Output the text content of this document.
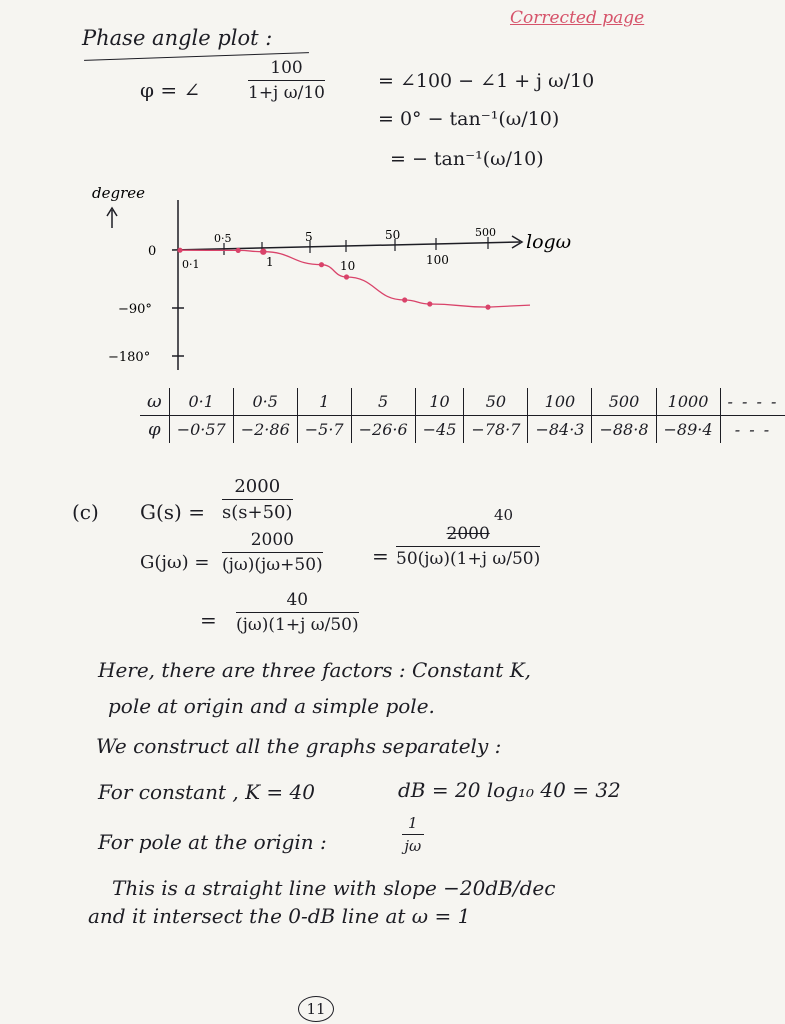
Corrected page
Phase angle plot :
φ = ∠	$\frac{100}{\text{1+j ω/10}}$	= ∠100 − ∠1 + j ω/10
= 0° − tan⁻¹(ω/10)
= − tan⁻¹(ω/10)
0
−90°
−180°
degree
0·5	5	50	500
0·1	1	10	100
logω
ω	0·1	0·5	1	5	10	50	100	500	1000	- - - -
φ	−0·57	−2·86	−5·7	−26·6	−45	−78·7	−84·3	−88·8	−89·4	- - -
(c) $G(s) = \frac{2000}{s(s+50)}$
$G(j\omega) = \frac{2000}{(j\omega)(j\omega+50)}$ =
40
$\frac{2000}{\text{50(jω)(1+j ω/50)}}$
= $\frac{40}{\text{(jω)(1+j ω/50)}}$
Here, there are three factors : Constant K,
pole at origin and a simple pole.
We construct all the graphs separately :
For constant , K = 40	dB = 20 log₁₀ 40 = 32
For pole at the origin :	$\frac{1}{j\omega}$
This is a straight line with slope −20dB/dec
and it intersect the 0-dB line at ω = 1
11
